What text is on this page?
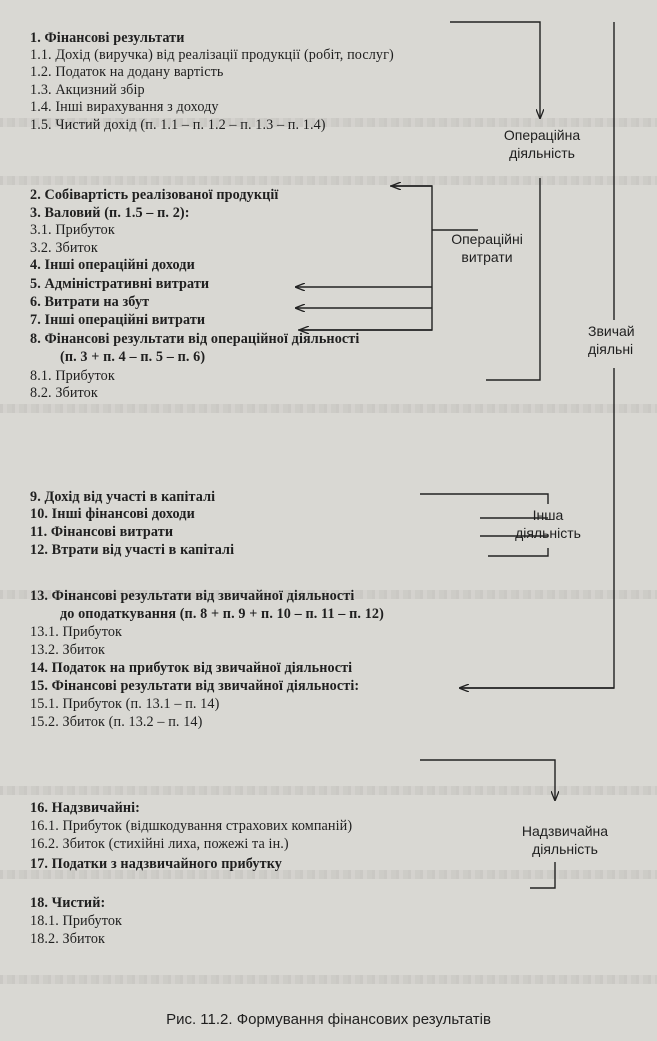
1. Фінансові результати
1.1. Дохід (виручка) від реалізації продукції (робіт, послуг)
1.2. Податок на додану вартість
1.3. Акцизний збір
1.4. Інші вирахування з доходу
1.5. Чистий дохід (п. 1.1 – п. 1.2 – п. 1.3 – п. 1.4)
2. Собівартість реалізованої продукції
3. Валовий (п. 1.5 – п. 2):
3.1. Прибуток
3.2. Збиток
4. Інші операційні доходи
5. Адміністративні витрати
6. Витрати на збут
7. Інші операційні витрати
8. Фінансові результати від операційної діяльності
(п. 3 + п. 4 – п. 5 – п. 6)
8.1. Прибуток
8.2. Збиток
9. Дохід від участі в капіталі
10. Інші фінансові доходи
11. Фінансові витрати
12. Втрати від участі в капіталі
13. Фінансові результати від звичайної діяльності
до оподаткування (п. 8 + п. 9 + п. 10 – п. 11 – п. 12)
13.1. Прибуток
13.2. Збиток
14. Податок на прибуток від звичайної діяльності
15. Фінансові результати від звичайної діяльності:
15.1. Прибуток (п. 13.1 – п. 14)
15.2. Збиток (п. 13.2 – п. 14)
16. Надзвичайні:
16.1. Прибуток (відшкодування страхових компаній)
16.2. Збиток (стихійні лиха, пожежі та ін.)
17. Податки з надзвичайного прибутку
18. Чистий:
18.1. Прибуток
18.2. Збиток
Операційна
діяльність
Операційні
витрати
Звичай
діяльні
Інша
діяльність
Надзвичайна
діяльність
Рис. 11.2. Формування фінансових результатів
